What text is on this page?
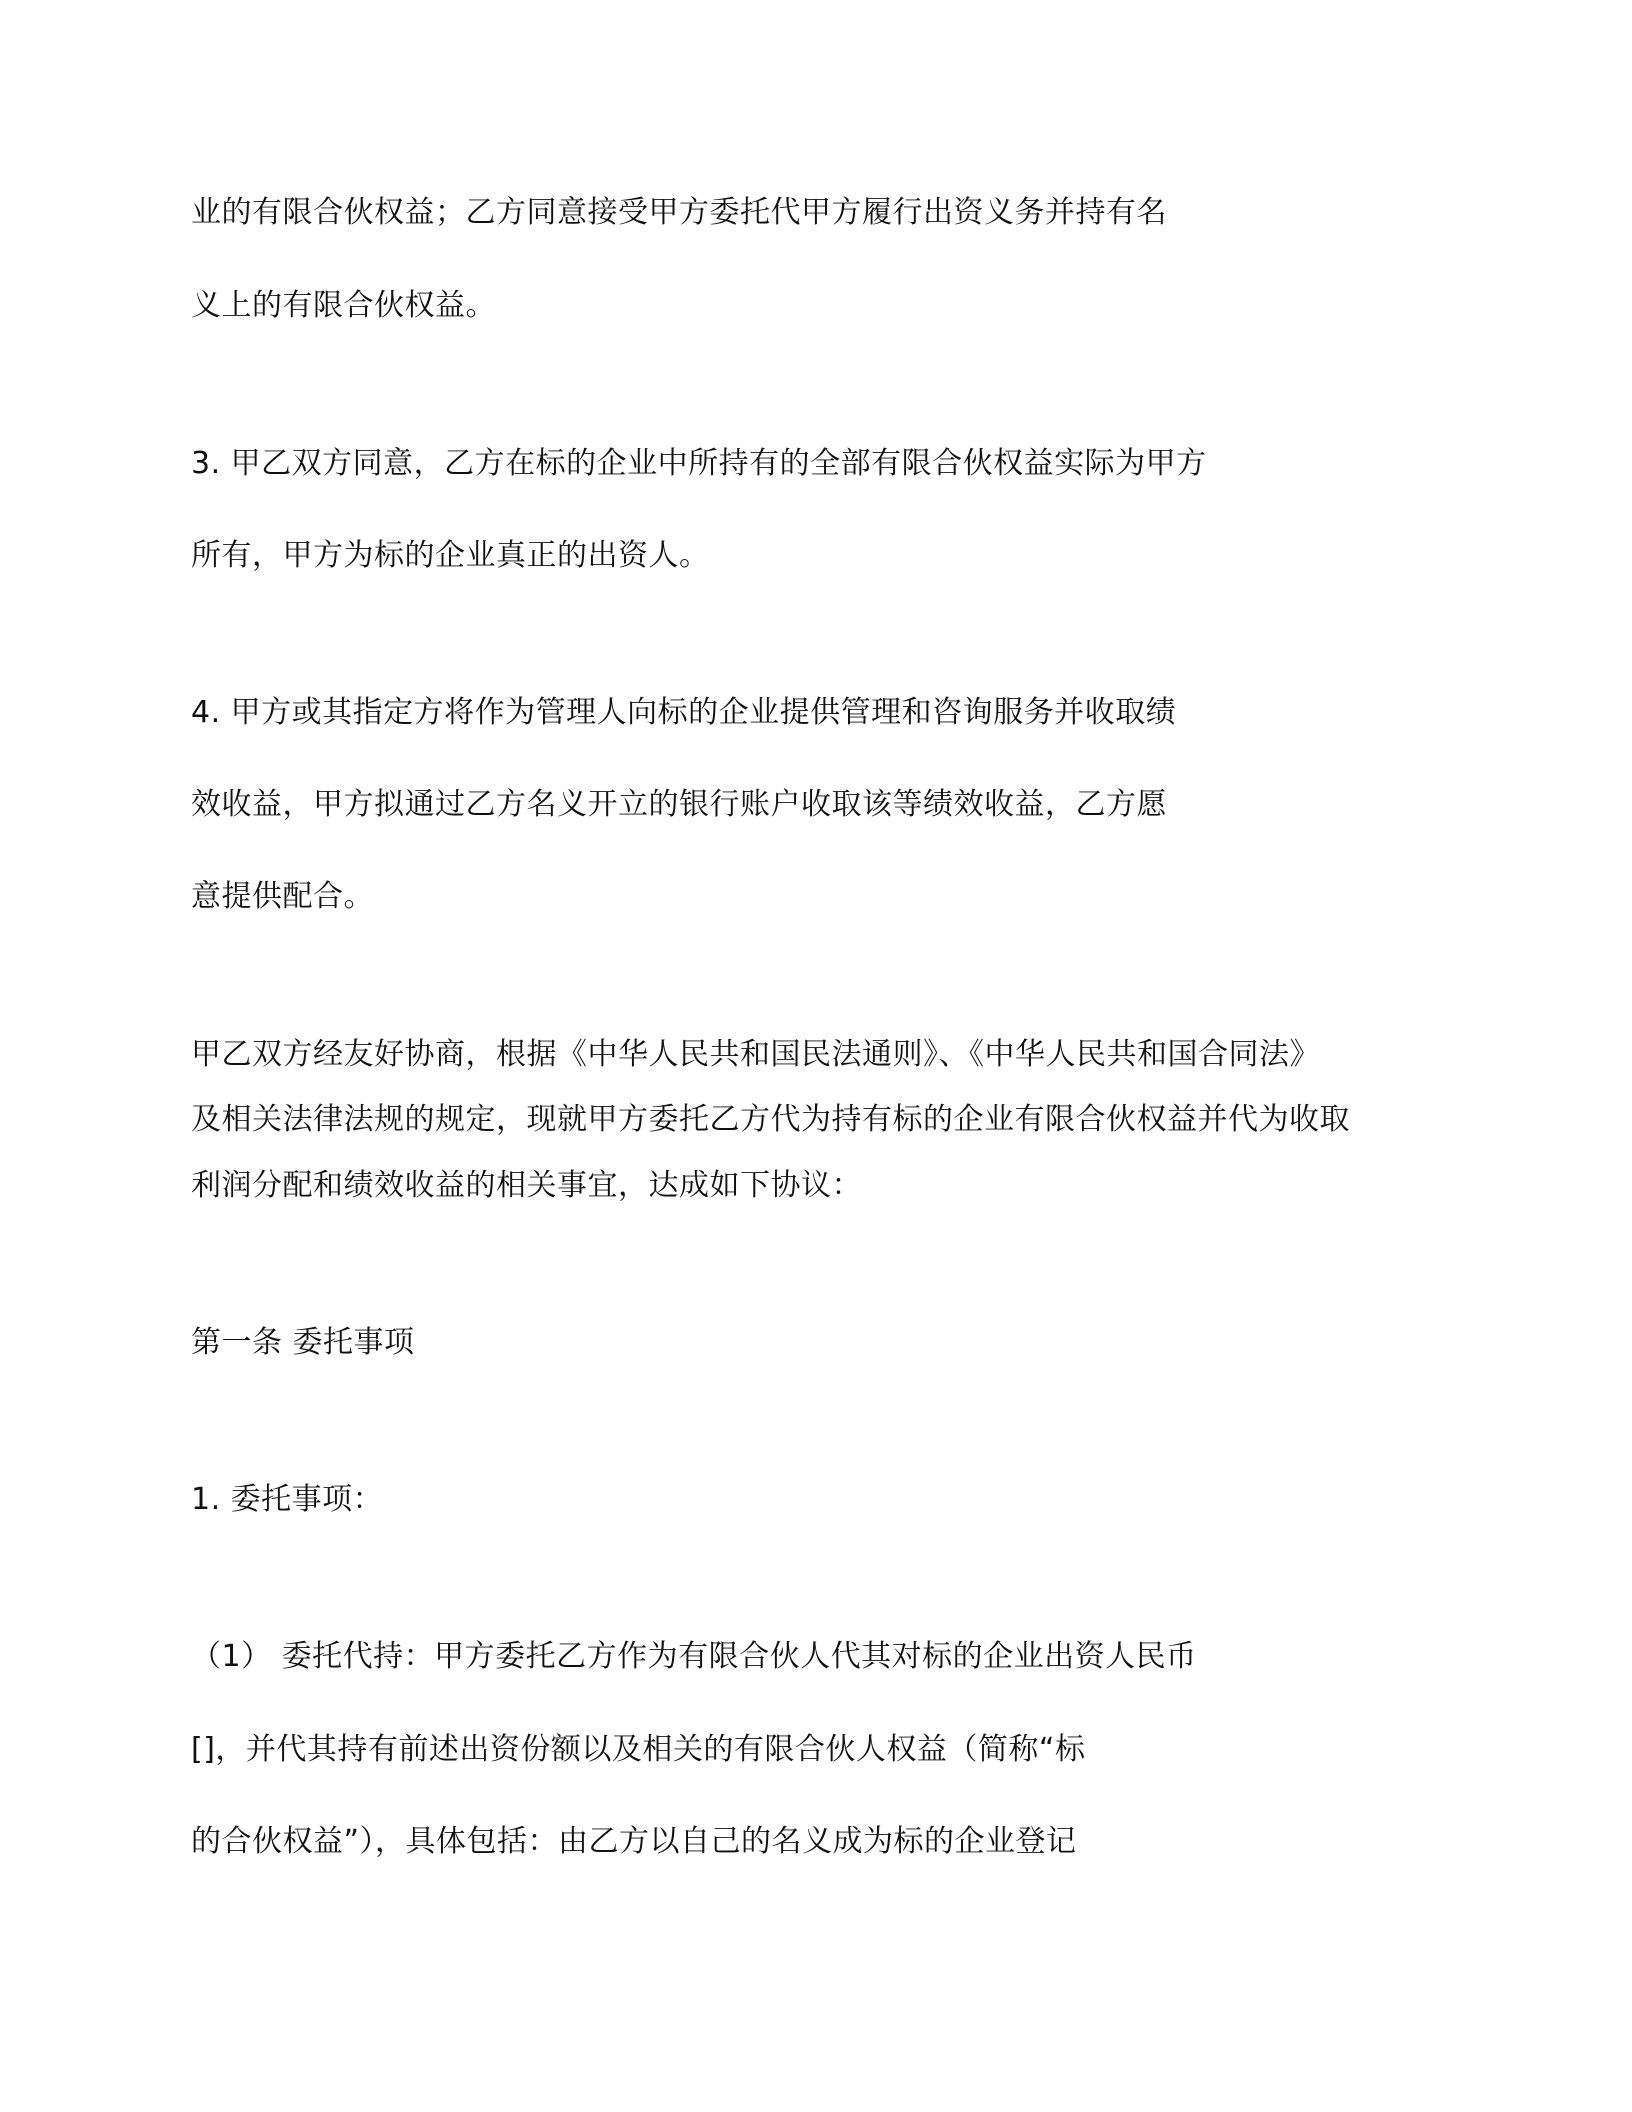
业的有限合伙权益；乙方同意接受甲方委托代甲方履行出资义务并持有名

义上的有限合伙权益。

3. 甲乙双方同意，乙方在标的企业中所持有的全部有限合伙权益实际为甲方

所有，甲方为标的企业真正的出资人。

4. 甲方或其指定方将作为管理人向标的企业提供管理和咨询服务并收取绩

效收益，甲方拟通过乙方名义开立的银行账户收取该等绩效收益，乙方愿

意提供配合。

甲乙双方经友好协商，根据《中华人民共和国民法通则》、《中华人民共和国合同法》

及相关法律法规的规定，现就甲方委托乙方代为持有标的企业有限合伙权益并代为收取

利润分配和绩效收益的相关事宜，达成如下协议：

第一条 委托事项

1. 委托事项：

（1） 委托代持：甲方委托乙方作为有限合伙人代其对标的企业出资人民币

[]，并代其持有前述出资份额以及相关的有限合伙人权益（简称“标

的合伙权益”），具体包括：由乙方以自己的名义成为标的企业登记
